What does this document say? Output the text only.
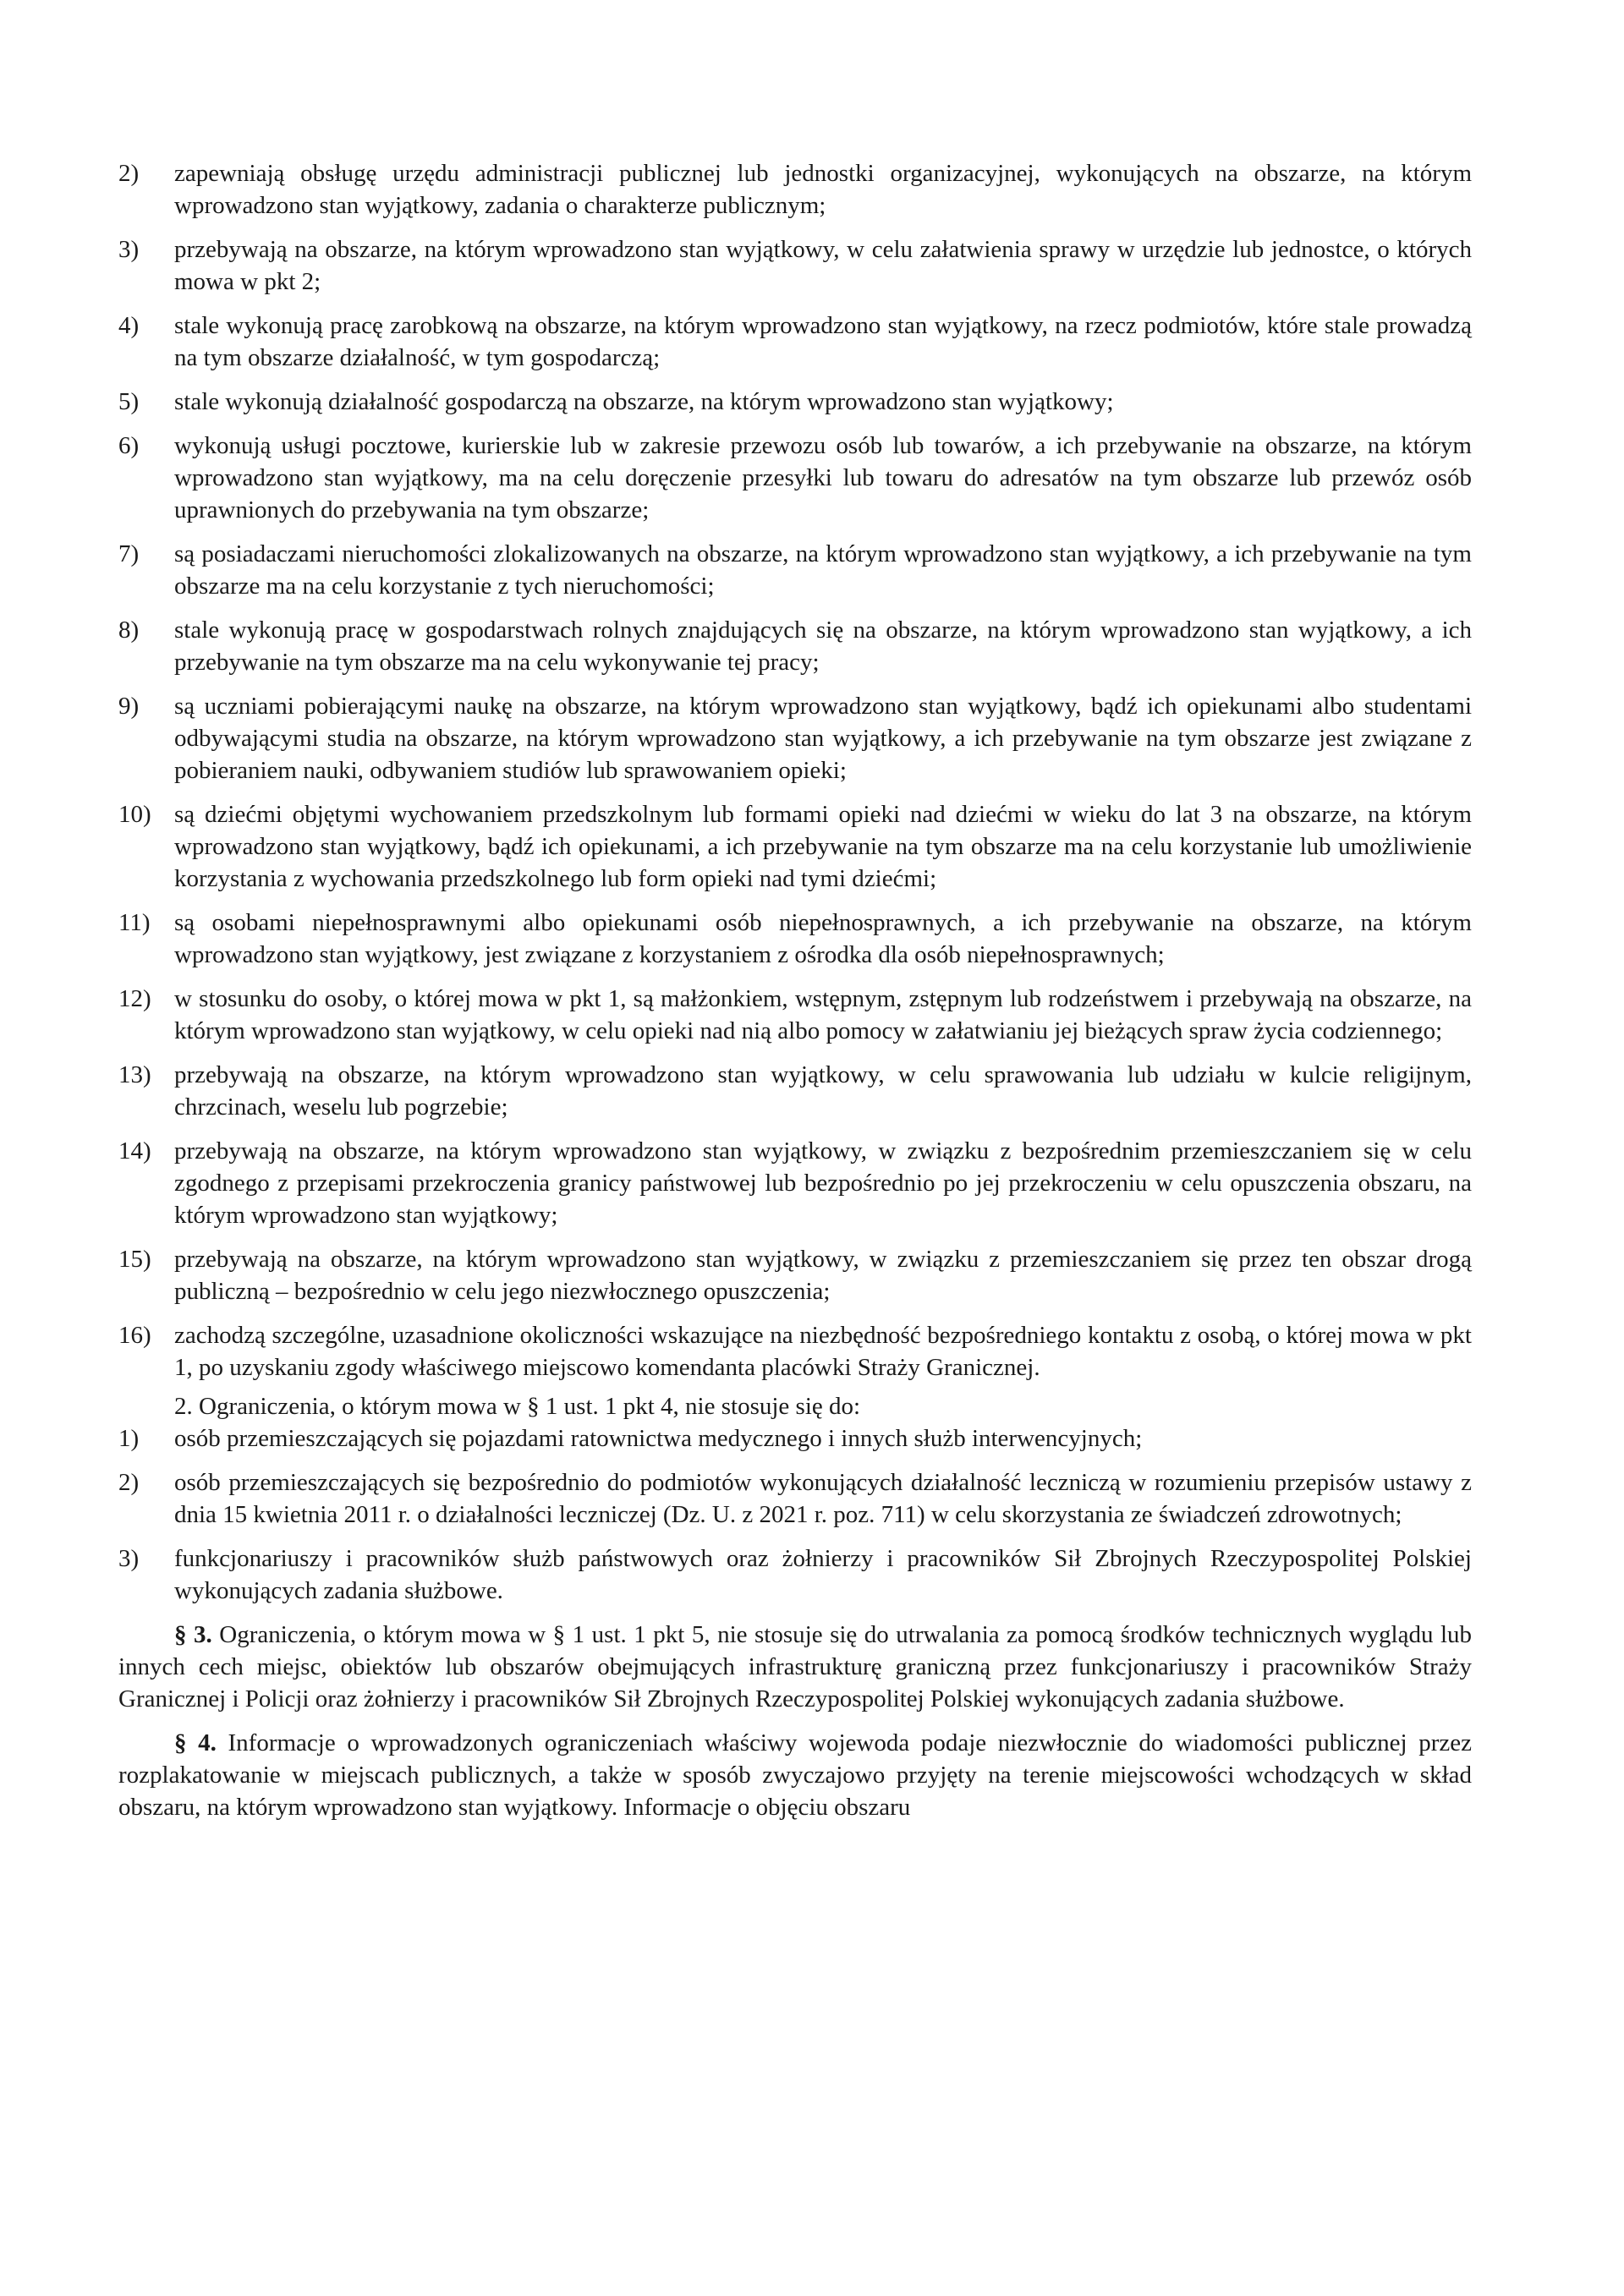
2) zapewniają obsługę urzędu administracji publicznej lub jednostki organizacyjnej, wykonujących na obszarze, na którym wprowadzono stan wyjątkowy, zadania o charakterze publicznym;
3) przebywają na obszarze, na którym wprowadzono stan wyjątkowy, w celu załatwienia sprawy w urzędzie lub jednostce, o których mowa w pkt 2;
4) stale wykonują pracę zarobkową na obszarze, na którym wprowadzono stan wyjątkowy, na rzecz podmiotów, które stale prowadzą na tym obszarze działalność, w tym gospodarczą;
5) stale wykonują działalność gospodarczą na obszarze, na którym wprowadzono stan wyjątkowy;
6) wykonują usługi pocztowe, kurierskie lub w zakresie przewozu osób lub towarów, a ich przebywanie na obszarze, na którym wprowadzono stan wyjątkowy, ma na celu doręczenie przesyłki lub towaru do adresatów na tym obszarze lub przewóz osób uprawnionych do przebywania na tym obszarze;
7) są posiadaczami nieruchomości zlokalizowanych na obszarze, na którym wprowadzono stan wyjątkowy, a ich przebywanie na tym obszarze ma na celu korzystanie z tych nieruchomości;
8) stale wykonują pracę w gospodarstwach rolnych znajdujących się na obszarze, na którym wprowadzono stan wyjątkowy, a ich przebywanie na tym obszarze ma na celu wykonywanie tej pracy;
9) są uczniami pobierającymi naukę na obszarze, na którym wprowadzono stan wyjątkowy, bądź ich opiekunami albo studentami odbywającymi studia na obszarze, na którym wprowadzono stan wyjątkowy, a ich przebywanie na tym obszarze jest związane z pobieraniem nauki, odbywaniem studiów lub sprawowaniem opieki;
10) są dziećmi objętymi wychowaniem przedszkolnym lub formami opieki nad dziećmi w wieku do lat 3 na obszarze, na którym wprowadzono stan wyjątkowy, bądź ich opiekunami, a ich przebywanie na tym obszarze ma na celu korzystanie lub umożliwienie korzystania z wychowania przedszkolnego lub form opieki nad tymi dziećmi;
11) są osobami niepełnosprawnymi albo opiekunami osób niepełnosprawnych, a ich przebywanie na obszarze, na którym wprowadzono stan wyjątkowy, jest związane z korzystaniem z ośrodka dla osób niepełnosprawnych;
12) w stosunku do osoby, o której mowa w pkt 1, są małżonkiem, wstępnym, zstępnym lub rodzeństwem i przebywają na obszarze, na którym wprowadzono stan wyjątkowy, w celu opieki nad nią albo pomocy w załatwianiu jej bieżących spraw życia codziennego;
13) przebywają na obszarze, na którym wprowadzono stan wyjątkowy, w celu sprawowania lub udziału w kulcie religijnym, chrzcinach, weselu lub pogrzebie;
14) przebywają na obszarze, na którym wprowadzono stan wyjątkowy, w związku z bezpośrednim przemieszczaniem się w celu zgodnego z przepisami przekroczenia granicy państwowej lub bezpośrednio po jej przekroczeniu w celu opuszczenia obszaru, na którym wprowadzono stan wyjątkowy;
15) przebywają na obszarze, na którym wprowadzono stan wyjątkowy, w związku z przemieszczaniem się przez ten obszar drogą publiczną – bezpośrednio w celu jego niezwłocznego opuszczenia;
16) zachodzą szczególne, uzasadnione okoliczności wskazujące na niezbędność bezpośredniego kontaktu z osobą, o której mowa w pkt 1, po uzyskaniu zgody właściwego miejscowo komendanta placówki Straży Granicznej.
2. Ograniczenia, o którym mowa w § 1 ust. 1 pkt 4, nie stosuje się do:
1) osób przemieszczających się pojazdami ratownictwa medycznego i innych służb interwencyjnych;
2) osób przemieszczających się bezpośrednio do podmiotów wykonujących działalność leczniczą w rozumieniu przepisów ustawy z dnia 15 kwietnia 2011 r. o działalności leczniczej (Dz. U. z 2021 r. poz. 711) w celu skorzystania ze świadczeń zdrowotnych;
3) funkcjonariuszy i pracowników służb państwowych oraz żołnierzy i pracowników Sił Zbrojnych Rzeczypospolitej Polskiej wykonujących zadania służbowe.

§ 3. Ograniczenia, o którym mowa w § 1 ust. 1 pkt 5, nie stosuje się do utrwalania za pomocą środków technicznych wyglądu lub innych cech miejsc, obiektów lub obszarów obejmujących infrastrukturę graniczną przez funkcjonariuszy i pracowników Straży Granicznej i Policji oraz żołnierzy i pracowników Sił Zbrojnych Rzeczypospolitej Polskiej wykonujących zadania służbowe.

§ 4. Informacje o wprowadzonych ograniczeniach właściwy wojewoda podaje niezwłocznie do wiadomości publicznej przez rozplakatowanie w miejscach publicznych, a także w sposób zwyczajowo przyjęty na terenie miejscowości wchodzących w skład obszaru, na którym wprowadzono stan wyjątkowy. Informacje o objęciu obszaru
